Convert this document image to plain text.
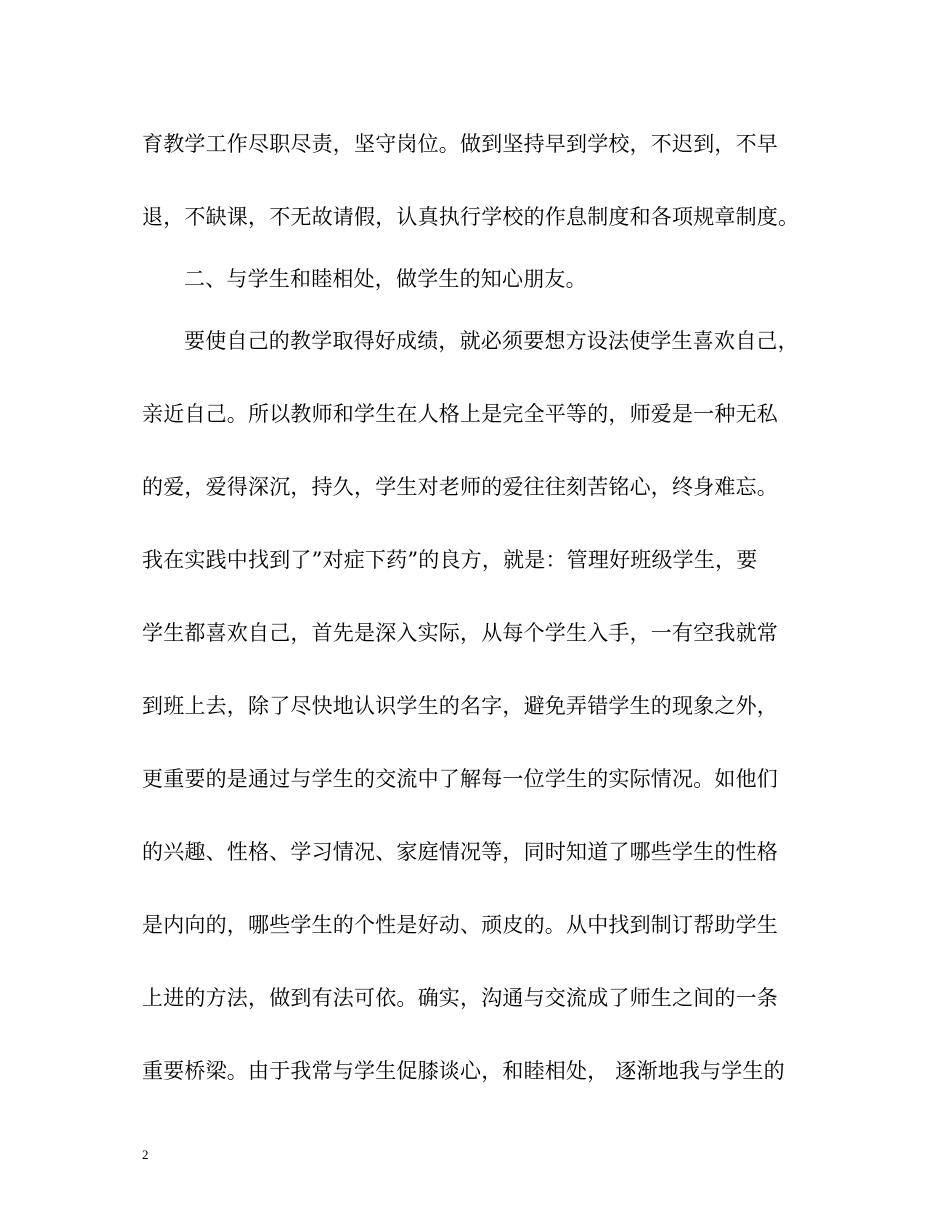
育教学工作尽职尽责，坚守岗位。做到坚持早到学校，不迟到，不早
退，不缺课，不无故请假，认真执行学校的作息制度和各项规章制度。
二、与学生和睦相处，做学生的知心朋友。
要使自己的教学取得好成绩，就必须要想方设法使学生喜欢自己，
亲近自己。所以教师和学生在人格上是完全平等的，师爱是一种无私
的爱，爱得深沉，持久，学生对老师的爱往往刻苦铭心，终身难忘。
我在实践中找到了”对症下药”的良方，就是：管理好班级学生，要
学生都喜欢自己，首先是深入实际，从每个学生入手，一有空我就常
到班上去，除了尽快地认识学生的名字，避免弄错学生的现象之外，
更重要的是通过与学生的交流中了解每一位学生的实际情况。如他们
的兴趣、性格、学习情况、家庭情况等，同时知道了哪些学生的性格
是内向的，哪些学生的个性是好动、顽皮的。从中找到制订帮助学生
上进的方法，做到有法可依。确实，沟通与交流成了师生之间的一条
重要桥梁。由于我常与学生促膝谈心，和睦相处， 逐渐地我与学生的
2
